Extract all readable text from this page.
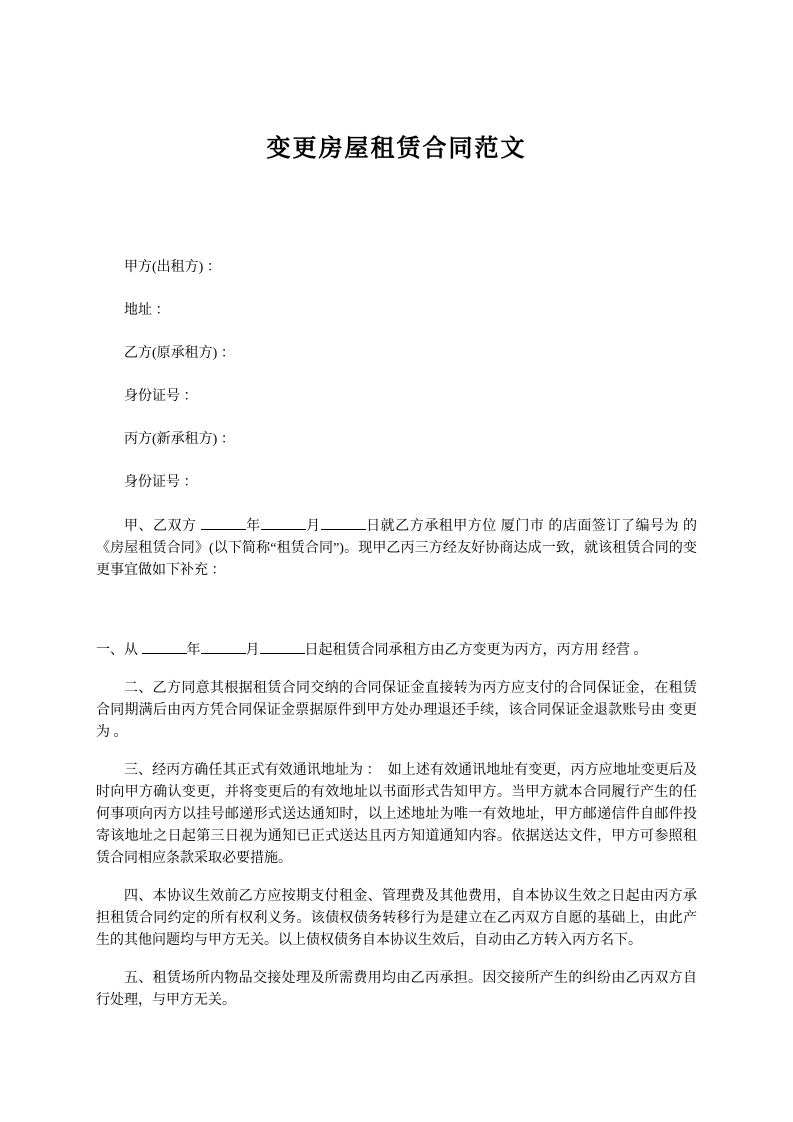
变更房屋租赁合同范文

甲方(出租方) ：

地址 ：

乙方(原承租方) ：

身份证号 ：

丙方(新承租方) ：

身份证号 ：

甲、乙双方	年	月	日就乙方承租甲方位 厦门市 的店面签订了编号为 的《房屋租赁合同》(以下简称“租赁合同”)。现甲乙丙三方经友好协商达成一致，就该租赁合同的变更事宜做如下补充 ：

一、从	年	月	日起租赁合同承租方由乙方变更为丙方，丙方用 经营 。

二、乙方同意其根据租赁合同交纳的合同保证金直接转为丙方应支付的合同保证金，在租赁合同期满后由丙方凭合同保证金票据原件到甲方处办理退还手续，该合同保证金退款账号由 变更为 。

三、经丙方确任其正式有效通讯地址为 ：  如上述有效通讯地址有变更，丙方应地址变更后及时向甲方确认变更，并将变更后的有效地址以书面形式告知甲方。当甲方就本合同履行产生的任何事项向丙方以挂号邮递形式送达通知时，以上述地址为唯一有效地址，甲方邮递信件自邮件投寄该地址之日起第三日视为通知已正式送达且丙方知道通知内容。依据送达文件，甲方可参照租赁合同相应条款采取必要措施。

四、本协议生效前乙方应按期支付租金、管理费及其他费用，自本协议生效之日起由丙方承担租赁合同约定的所有权利义务。该债权债务转移行为是建立在乙丙双方自愿的基础上，由此产生的其他问题均与甲方无关。以上债权债务自本协议生效后，自动由乙方转入丙方名下。

五、租赁场所内物品交接处理及所需费用均由乙丙承担。因交接所产生的纠纷由乙丙双方自行处理，与甲方无关。
